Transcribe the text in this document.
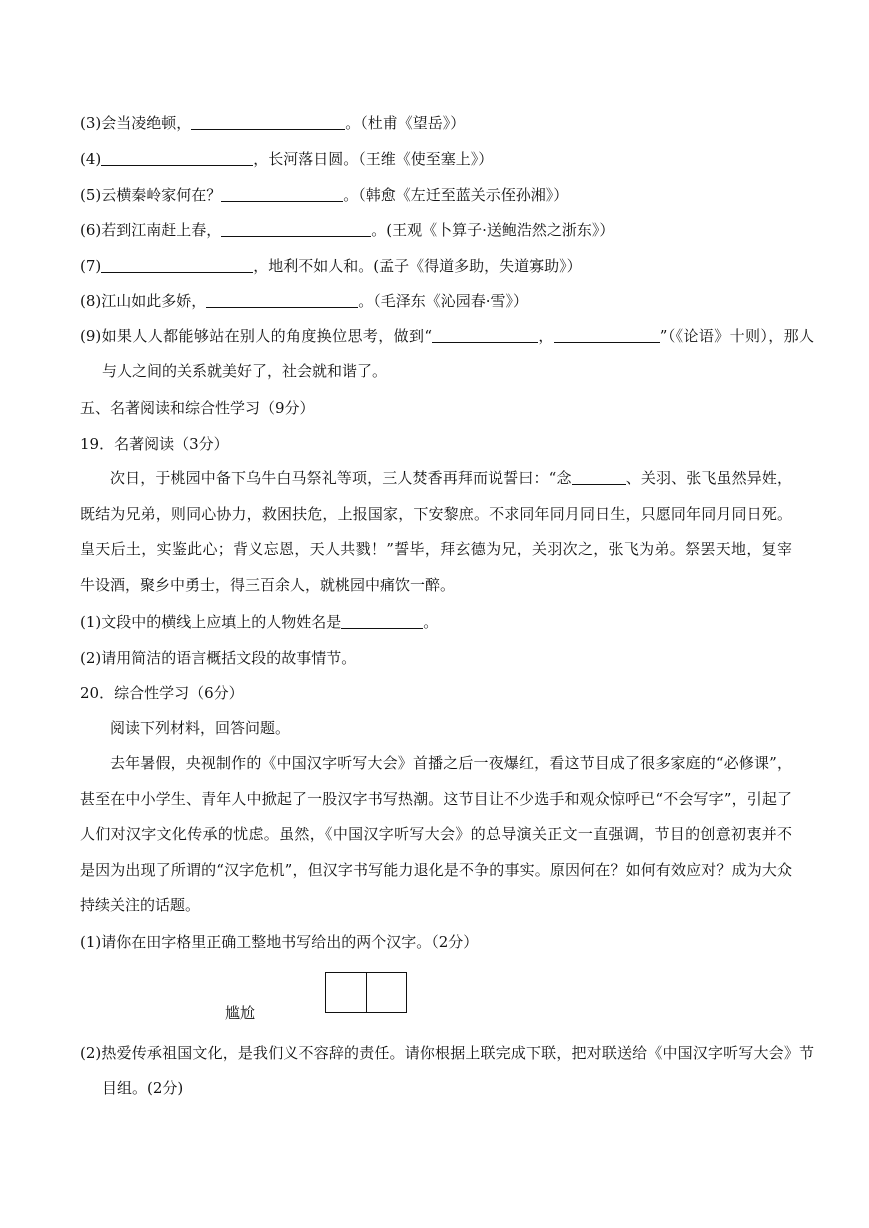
(3)会当凌绝顿，	。（杜甫《望岳》）
(4)	，长河落日圆。（王维《使至塞上》）
(5)云横秦岭家何在？	。（韩愈《左迁至蓝关示侄孙湘》）
(6)若到江南赶上春，	。(王观《卜算子·送鲍浩然之浙东》）
(7)	，地利不如人和。(孟子《得道多助，失道寡助》）
(8)江山如此多娇，	。（毛泽东《沁园春·雪》）
(9)如果人人都能够站在别人的角度换位思考，做到“	，	”（《论语》十则），那人与人之间的关系就美好了，社会就和谐了。
五、名著阅读和综合性学习（9分）
19．名著阅读（3分）
次日，于桃园中备下乌牛白马祭礼等项，三人焚香再拜而说誓曰：“念	、关羽、张飞虽然异姓，既结为兄弟，则同心协力，救困扶危，上报国家，下安黎庶。不求同年同月同日生，只愿同年同月同日死。皇天后土，实鉴此心；背义忘恩，天人共戮！”誓毕，拜玄德为兄，关羽次之，张飞为弟。祭罢天地，复宰牛设酒，聚乡中勇士，得三百余人，就桃园中痛饮一醉。
(1)文段中的横线上应填上的人物姓名是	。
(2)请用简洁的语言概括文段的故事情节。
20．综合性学习（6分）
阅读下列材料，回答问题。
去年暑假，央视制作的《中国汉字听写大会》首播之后一夜爆红，看这节目成了很多家庭的“必修课”，甚至在中小学生、青年人中掀起了一股汉字书写热潮。这节目让不少选手和观众惊呼已“不会写字”，引起了人们对汉字文化传承的忧虑。虽然，《中国汉字听写大会》的总导演关正文一直强调，节目的创意初衷并不是因为出现了所谓的“汉字危机”，但汉字书写能力退化是不争的事实。原因何在？如何有效应对？成为大众持续关注的话题。
(1)请你在田字格里正确工整地书写给出的两个汉字。（2分）
尴尬
(2)热爱传承祖国文化，是我们义不容辞的责任。请你根据上联完成下联，把对联送给《中国汉字听写大会》节目组。(2分)
